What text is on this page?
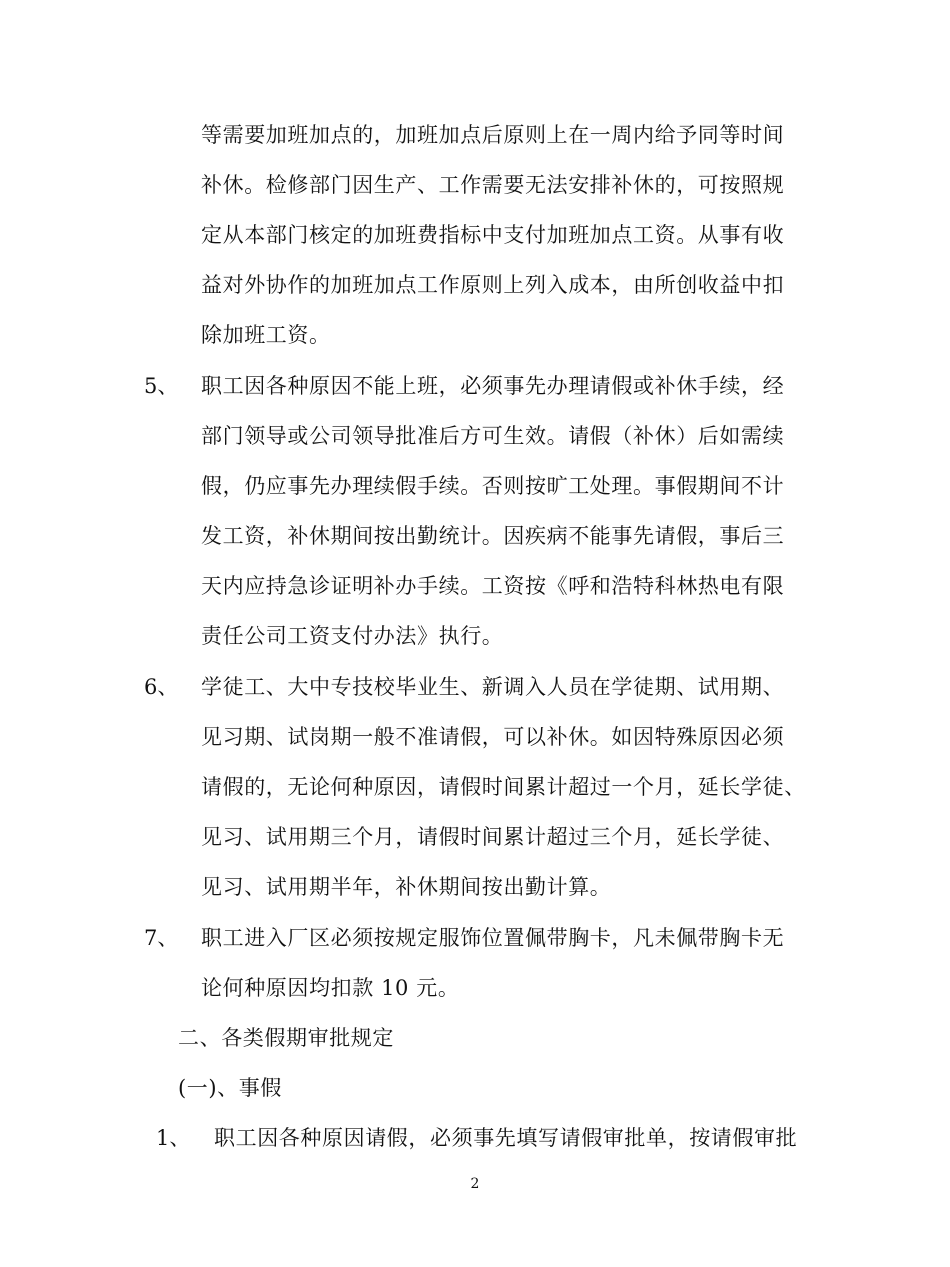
等需要加班加点的，加班加点后原则上在一周内给予同等时间
补休。检修部门因生产、工作需要无法安排补休的，可按照规
定从本部门核定的加班费指标中支付加班加点工资。从事有收
益对外协作的加班加点工作原则上列入成本，由所创收益中扣
除加班工资。
5、 职工因各种原因不能上班，必须事先办理请假或补休手续，经
部门领导或公司领导批准后方可生效。请假（补休）后如需续
假，仍应事先办理续假手续。否则按旷工处理。事假期间不计
发工资，补休期间按出勤统计。因疾病不能事先请假，事后三
天内应持急诊证明补办手续。工资按《呼和浩特科林热电有限
责任公司工资支付办法》执行。
6、 学徒工、大中专技校毕业生、新调入人员在学徒期、试用期、
见习期、试岗期一般不准请假，可以补休。如因特殊原因必须
请假的，无论何种原因，请假时间累计超过一个月，延长学徒、
见习、试用期三个月，请假时间累计超过三个月，延长学徒、
见习、试用期半年，补休期间按出勤计算。
7、 职工进入厂区必须按规定服饰位置佩带胸卡，凡未佩带胸卡无
论何种原因均扣款 10 元。
二、各类假期审批规定
(一)、事假
1、 职工因各种原因请假，必须事先填写请假审批单，按请假审批
2
